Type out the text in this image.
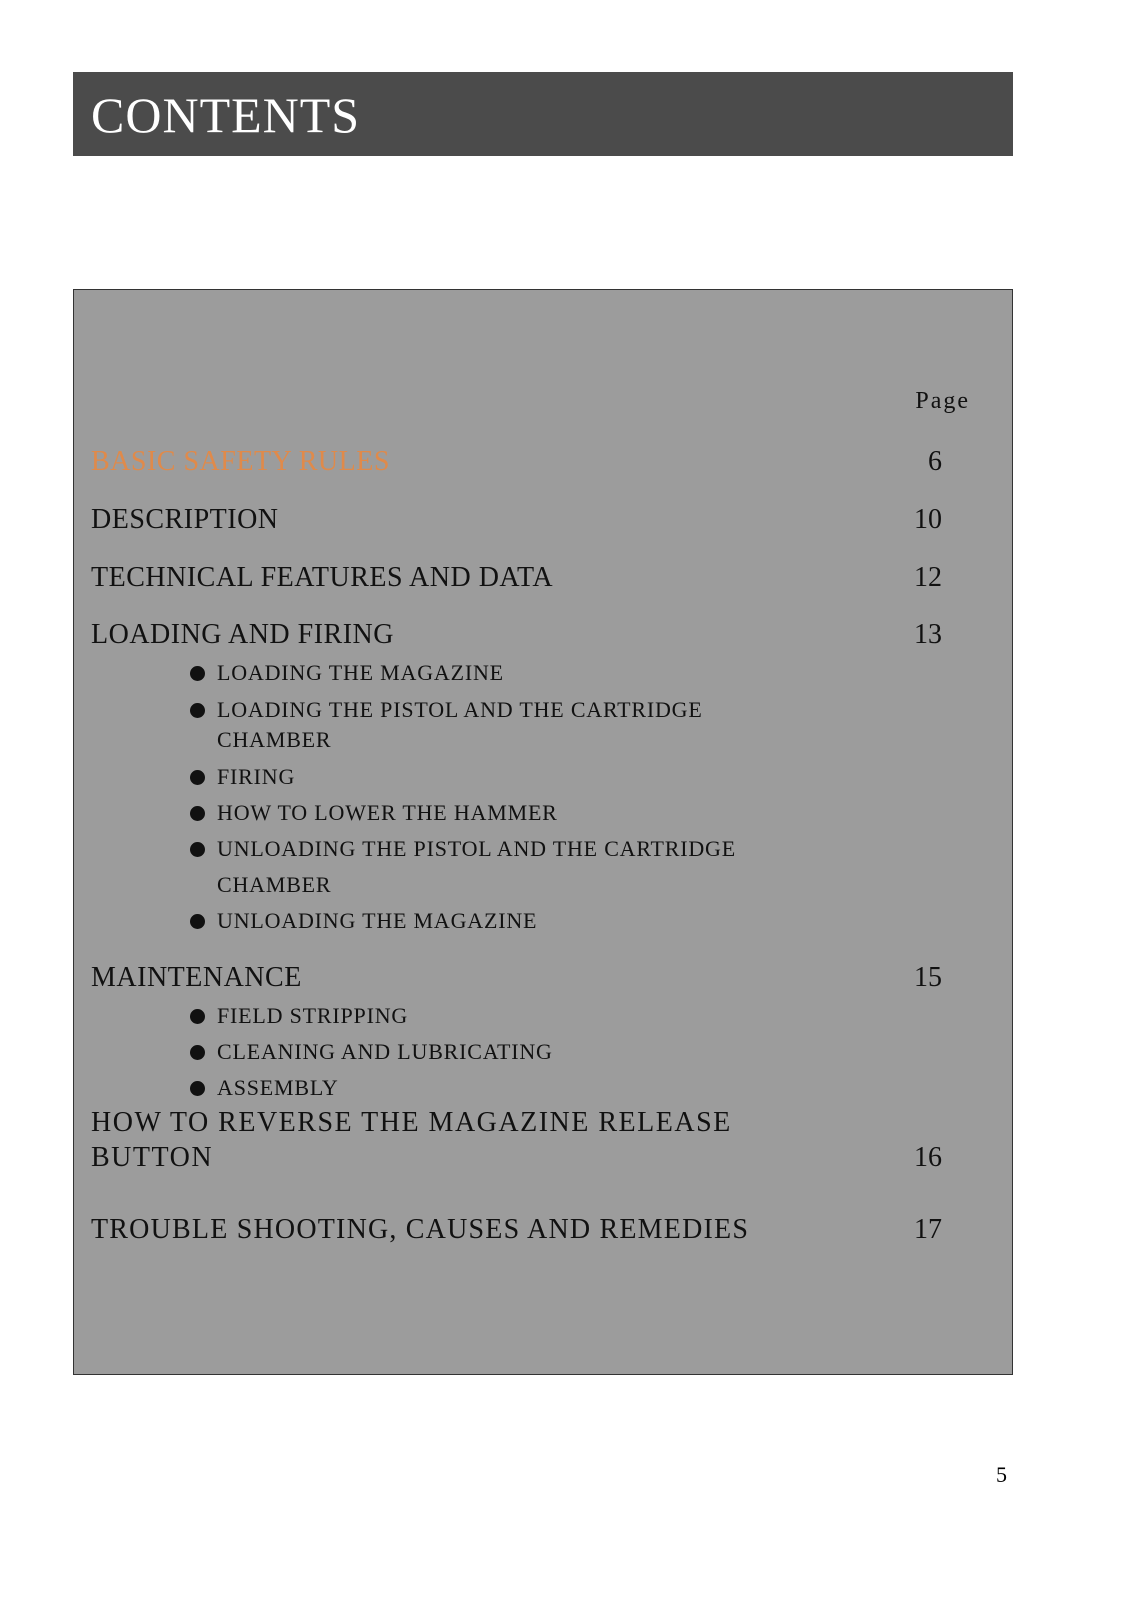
CONTENTS
Page
BASIC SAFETY RULES	6
DESCRIPTION	10
TECHNICAL FEATURES AND DATA	12
LOADING AND FIRING	13
LOADING THE MAGAZINE
LOADING THE PISTOL AND THE CARTRIDGE
CHAMBER
FIRING
HOW TO LOWER THE HAMMER
UNLOADING THE PISTOL AND THE CARTRIDGE
CHAMBER
UNLOADING THE MAGAZINE
MAINTENANCE	15
FIELD STRIPPING
CLEANING AND LUBRICATING
ASSEMBLY
HOW TO REVERSE THE MAGAZINE RELEASE
BUTTON	16
TROUBLE SHOOTING, CAUSES AND REMEDIES	17
5
